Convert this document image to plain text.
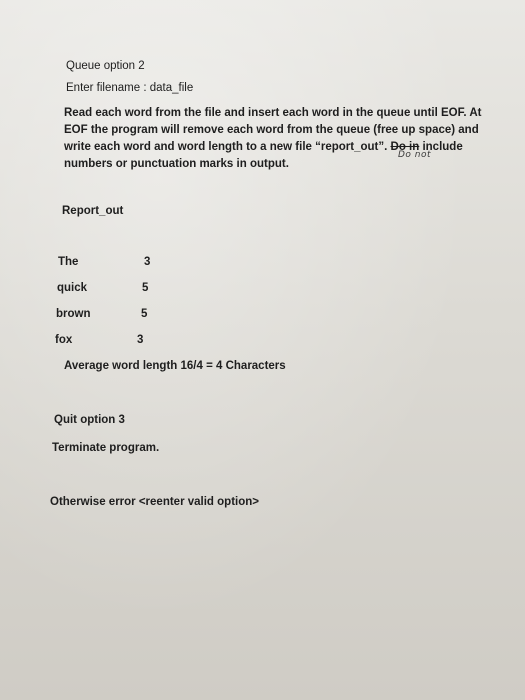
Queue option 2
Enter filename : data_file
Read each word from the file and insert each word in the queue until EOF. At EOF the program will remove each word from the queue (free up space) and write each word and word length to a new file “report_out”. Do in include numbers or punctuation marks in output.
Do not
Report_out
The	3
quick	5
brown	5
fox	3
Average word length 16/4 = 4 Characters
Quit option 3
Terminate program.
Otherwise error <reenter valid option>
